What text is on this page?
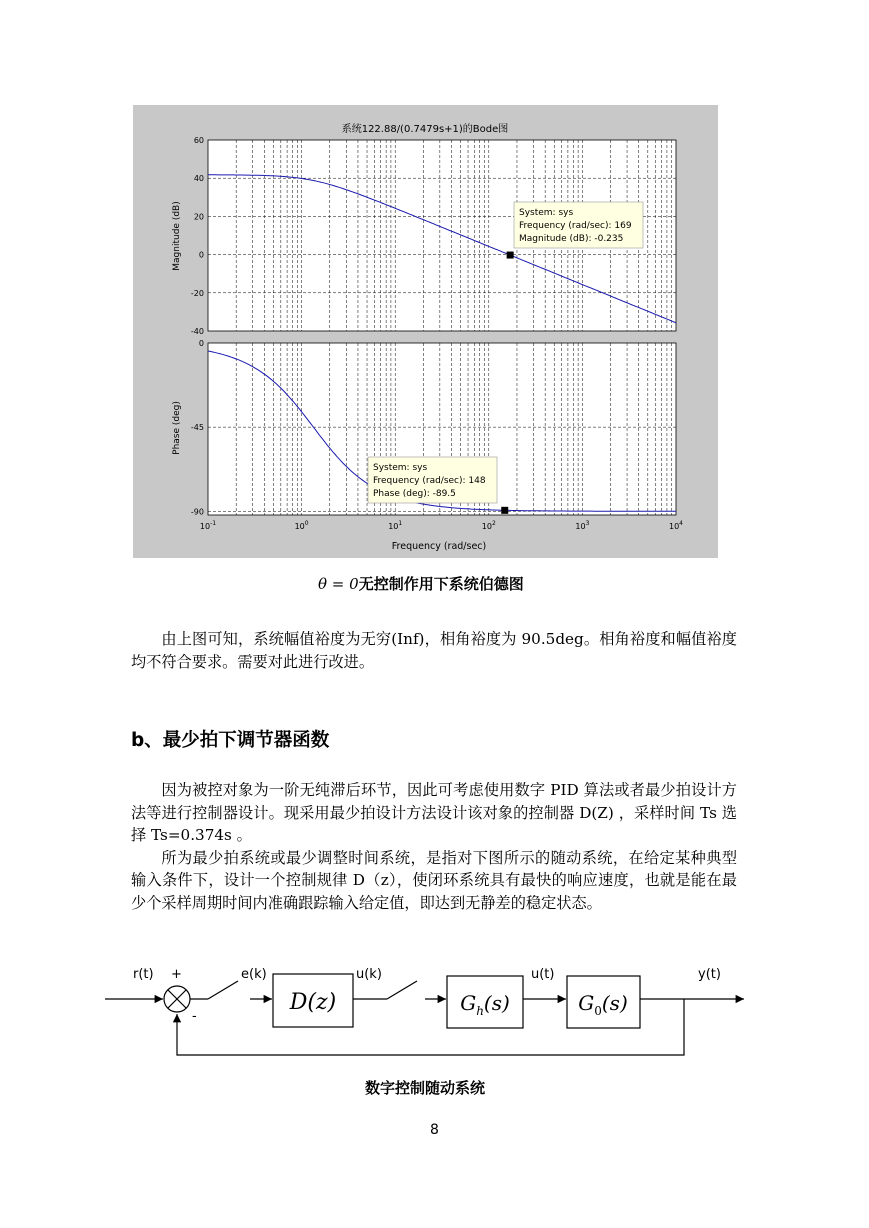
系统122.88/(0.7479s+1)的Bode图
60
40
20
0
-20
-40
Magnitude (dB)	System: sys
Frequency (rad/sec): 169
Magnitude (dB): -0.235
0
-45
-90
Phase (deg)
System: sys
Frequency (rad/sec): 148
Phase (deg): -89.5
$10^{-1}$	$10^0$	$10^1$	$10^2$	$10^3$	$10^4$
Frequency (rad/sec)
θ = 0无控制作用下系统伯德图

由上图可知，系统幅值裕度为无穷(Inf)，相角裕度为 90.5deg。相角裕度和幅值裕度均不符合要求。需要对此进行改进。

b、最少拍下调节器函数

因为被控对象为一阶无纯滞后环节，因此可考虑使用数字 PID 算法或者最少拍设计方法等进行控制器设计。现采用最少拍设计方法设计该对象的控制器 D(Z) ，采样时间 Ts 选择 Ts=0.374s 。

所为最少拍系统或最少调整时间系统，是指对下图所示的随动系统，在给定某种典型输入条件下，设计一个控制规律 D（z），使闭环系统具有最快的响应速度，也就是能在最少个采样周期时间内准确跟踪输入给定值，即达到无静差的稳定状态。

r(t) +
-
e(k)	u(k)	u(t)	y(t)
D(z)	$G_h(s)$	$G_0(s)$
数字控制随动系统
8
